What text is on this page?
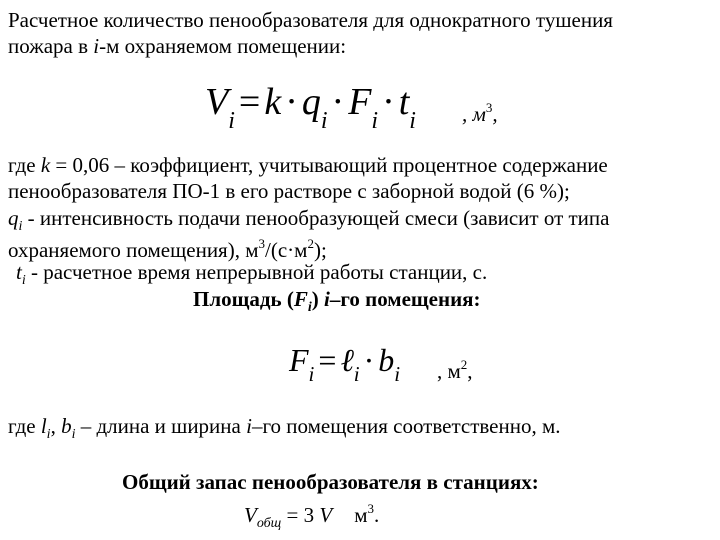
Расчетное количество пенообразователя для однократного тушения
пожара в i-м охраняемом помещении:
$V_i = k \cdot q_i \cdot F_i \cdot t_i$ , $м^3$,
где k = 0,06 – коэффициент, учитывающий процентное содержание
пенообразователя ПО-1 в его растворе с заборной водой (6 %);
$q_i$ - интенсивность подачи пенообразующей смеси (зависит от типа
охраняемого помещения), $м^3/(с\cdot м^2)$;
$t_i$ - расчетное время непрерывной работы станции, с.
Площадь $(F_i)$ i–го помещения:
$F_i$ = ℓ$_i$ · $b_i$ , $м^2$,
где $l_i$, $b_i$ – длина и ширина i–го помещения соответственно, м.
Общий запас пенообразователя в станциях:
$V_{общ} = 3$ V $м^3$.
